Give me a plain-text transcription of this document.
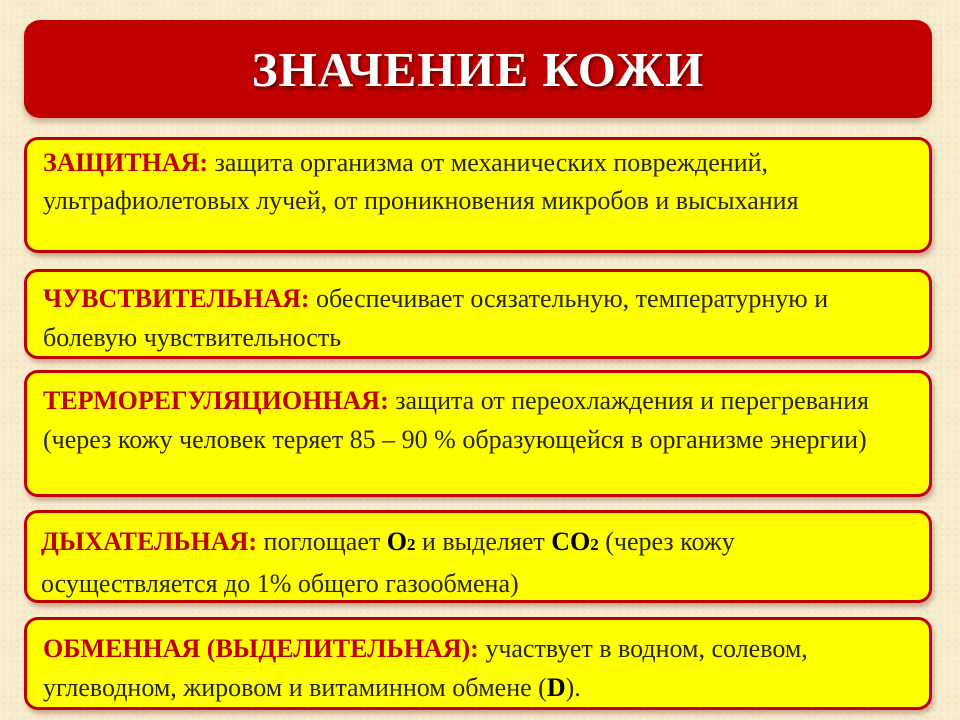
ЗНАЧЕНИЕ КОЖИ
ЗАЩИТНАЯ: защита организма от механических повреждений, ультрафиолетовых лучей, от проникновения микробов и высыхания
ЧУВСТВИТЕЛЬНАЯ: обеспечивает осязательную, температурную и болевую чувствительность
ТЕРМОРЕГУЛЯЦИОННАЯ: защита от переохлаждения и перегревания (через кожу человек теряет 85 – 90 % образующейся в организме энергии)
ДЫХАТЕЛЬНАЯ: поглощает O2 и выделяет CO2 (через кожу осуществляется до 1% общего газообмена)
ОБМЕННАЯ (ВЫДЕЛИТЕЛЬНАЯ): участвует в водном, солевом, углеводном, жировом и витаминном обмене (D).
